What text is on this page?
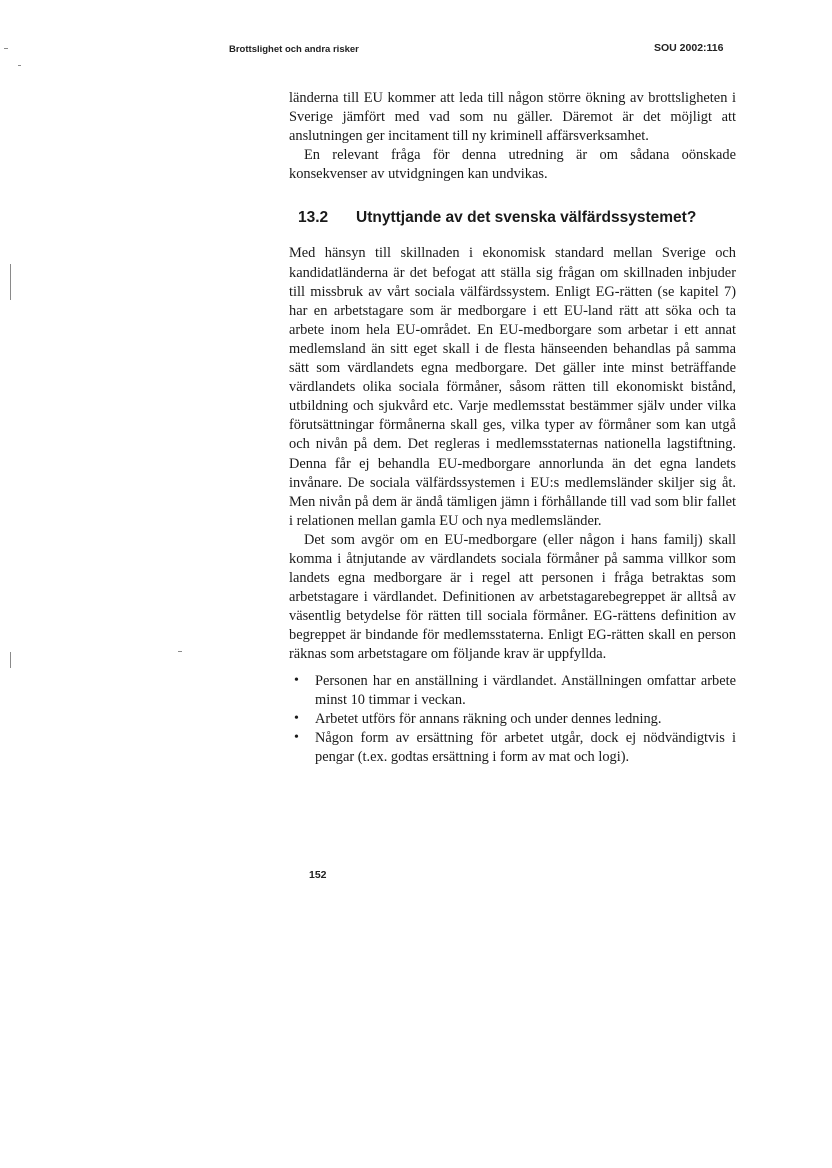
Brottslighet och andra risker	SOU 2002:116

länderna till EU kommer att leda till någon större ökning av brottsligheten i Sverige jämfört med vad som nu gäller. Däremot är det möjligt att anslutningen ger incitament till ny kriminell affärsverksamhet.

En relevant fråga för denna utredning är om sådana oönskade konsekvenser av utvidgningen kan undvikas.

13.2 Utnyttjande av det svenska välfärdssystemet?

Med hänsyn till skillnaden i ekonomisk standard mellan Sverige och kandidatländerna är det befogat att ställa sig frågan om skillnaden inbjuder till missbruk av vårt sociala välfärdssystem. Enligt EG-rätten (se kapitel 7) har en arbetstagare som är medborgare i ett EU-land rätt att söka och ta arbete inom hela EU-området. En EU-medborgare som arbetar i ett annat medlemsland än sitt eget skall i de flesta hänseenden behandlas på samma sätt som värdlandets egna medborgare. Det gäller inte minst beträffande värdlandets olika sociala förmåner, såsom rätten till ekonomiskt bistånd, utbildning och sjukvård etc. Varje medlemsstat bestämmer själv under vilka förutsättningar förmånerna skall ges, vilka typer av förmåner som kan utgå och nivån på dem. Det regleras i medlemsstaternas nationella lagstiftning. Denna får ej behandla EU-medborgare annorlunda än det egna landets invånare. De sociala välfärdssystemen i EU:s medlemsländer skiljer sig åt. Men nivån på dem är ändå tämligen jämn i förhållande till vad som blir fallet i relationen mellan gamla EU och nya medlemsländer.

Det som avgör om en EU-medborgare (eller någon i hans familj) skall komma i åtnjutande av värdlandets sociala förmåner på samma villkor som landets egna medborgare är i regel att personen i fråga betraktas som arbetstagare i värdlandet. Definitionen av arbetstagarebegreppet är alltså av väsentlig betydelse för rätten till sociala förmåner. EG-rättens definition av begreppet är bindande för medlemsstaterna. Enligt EG-rätten skall en person räknas som arbetstagare om följande krav är uppfyllda.

• Personen har en anställning i värdlandet. Anställningen omfattar arbete minst 10 timmar i veckan.
• Arbetet utförs för annans räkning och under dennes ledning.
• Någon form av ersättning för arbetet utgår, dock ej nödvändigtvis i pengar (t.ex. godtas ersättning i form av mat och logi).
152
